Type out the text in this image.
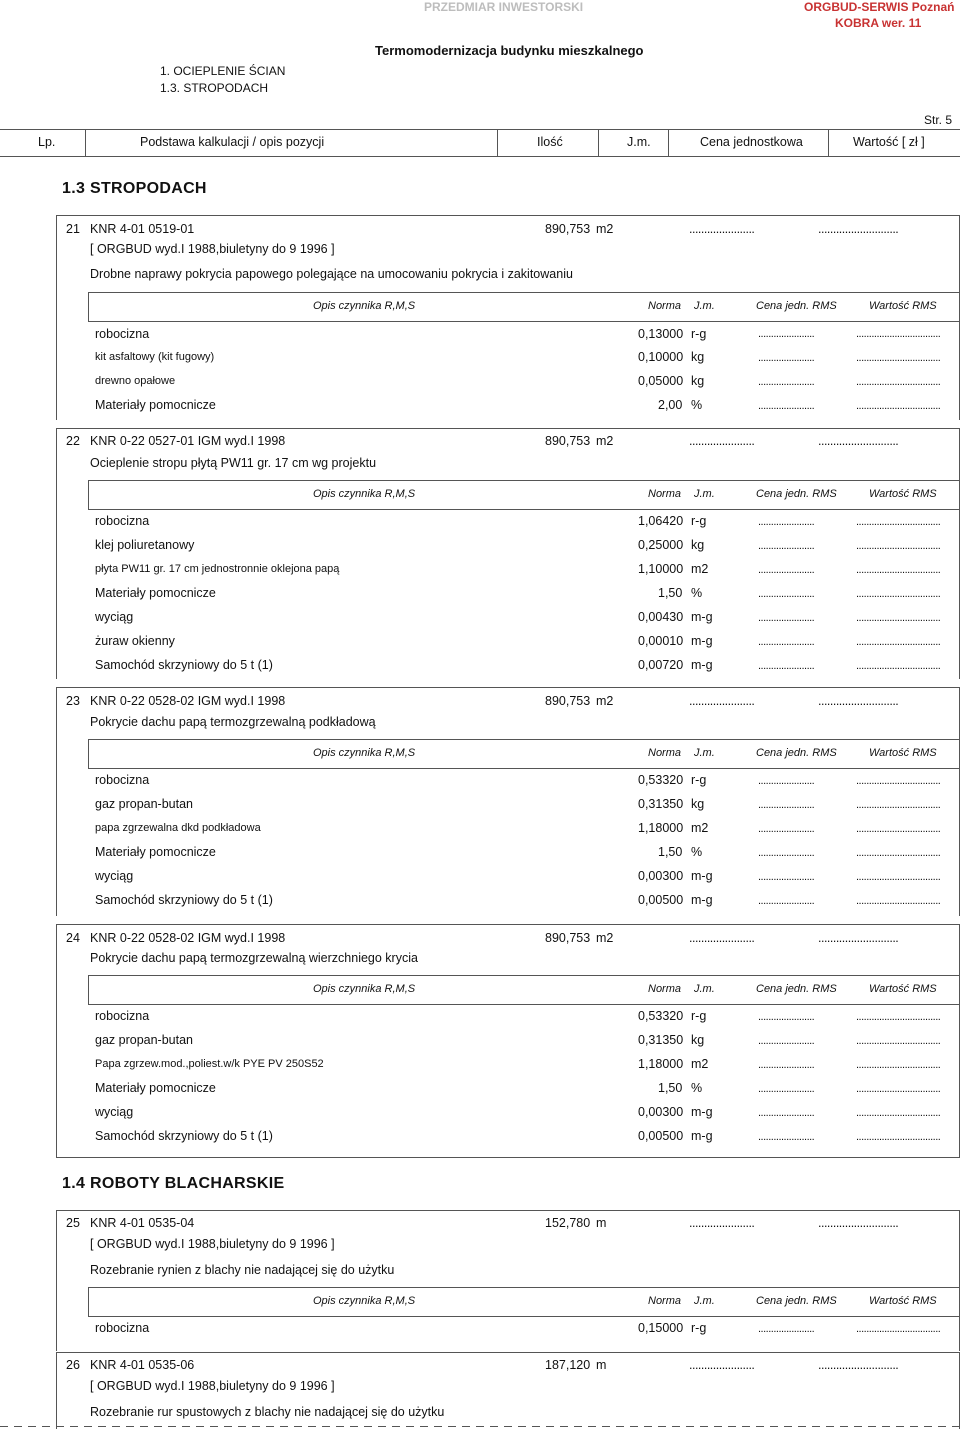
PRZEDMIAR INWESTORSKI	ORGBUD-SERWIS Poznań
KOBRA wer. 11
Termomodernizacja budynku mieszkalnego
1. OCIEPLENIE ŚCIAN
1.3. STROPODACH
Str. 5
Lp.	Podstawa kalkulacji / opis pozycji	Ilość	J.m.	Cena jednostkowa	Wartość [ zł ]
1.3 STROPODACH
21 KNR 4-01 0519-01	890,753 m2	......................	...........................
[ ORGBUD wyd.I 1988,biuletyny do 9 1996 ]
Drobne naprawy pokrycia papowego polegające na umocowaniu pokrycia i zakitowaniu
Opis czynnika R,M,S	Norma J.m.	Cena jedn. RMS	Wartość RMS
robocizna	0,13000 r-g	......................	.................................
kit asfaltowy (kit fugowy)	0,10000 kg	......................	.................................
drewno opałowe	0,05000 kg	......................	.................................
Materiały pomocnicze	2,00 %	......................	.................................
22 KNR 0-22 0527-01 IGM wyd.I 1998	890,753 m2	......................	...........................
Ocieplenie stropu płytą PW11 gr. 17 cm wg projektu
Opis czynnika R,M,S	Norma J.m.	Cena jedn. RMS	Wartość RMS
robocizna	1,06420 r-g	......................	.................................
klej poliuretanowy	0,25000 kg	......................	.................................
płyta PW11 gr. 17 cm jednostronnie oklejona papą	1,10000 m2	......................	.................................
Materiały pomocnicze	1,50 %	......................	.................................
wyciąg	0,00430 m-g	......................	.................................
żuraw okienny	0,00010 m-g	......................	.................................
Samochód skrzyniowy do 5 t (1)	0,00720 m-g	......................	.................................
23 KNR 0-22 0528-02 IGM wyd.I 1998	890,753 m2	......................	...........................
Pokrycie dachu papą termozgrzewalną podkładową
Opis czynnika R,M,S	Norma J.m.	Cena jedn. RMS	Wartość RMS
robocizna	0,53320 r-g	......................	.................................
gaz propan-butan	0,31350 kg	......................	.................................
papa zgrzewalna dkd podkładowa	1,18000 m2	......................	.................................
Materiały pomocnicze	1,50 %	......................	.................................
wyciąg	0,00300 m-g	......................	.................................
Samochód skrzyniowy do 5 t (1)	0,00500 m-g	......................	.................................
24 KNR 0-22 0528-02 IGM wyd.I 1998	890,753 m2	......................	...........................
Pokrycie dachu papą termozgrzewalną wierzchniego krycia
Opis czynnika R,M,S	Norma J.m.	Cena jedn. RMS	Wartość RMS
robocizna	0,53320 r-g	......................	.................................
gaz propan-butan	0,31350 kg	......................	.................................
Papa zgrzew.mod.,poliest.w/k PYE PV 250S52	1,18000 m2	......................	.................................
Materiały pomocnicze	1,50 %	......................	.................................
wyciąg	0,00300 m-g	......................	.................................
Samochód skrzyniowy do 5 t (1)	0,00500 m-g	......................	.................................
1.4 ROBOTY BLACHARSKIE
25 KNR 4-01 0535-04	152,780 m	......................	...........................
[ ORGBUD wyd.I 1988,biuletyny do 9 1996 ]
Rozebranie rynien z blachy nie nadającej się do użytku
Opis czynnika R,M,S	Norma J.m.	Cena jedn. RMS	Wartość RMS
robocizna	0,15000 r-g	......................	.................................
26 KNR 4-01 0535-06	187,120 m	......................	...........................
[ ORGBUD wyd.I 1988,biuletyny do 9 1996 ]
Rozebranie rur spustowych z blachy nie nadającej się do użytku
